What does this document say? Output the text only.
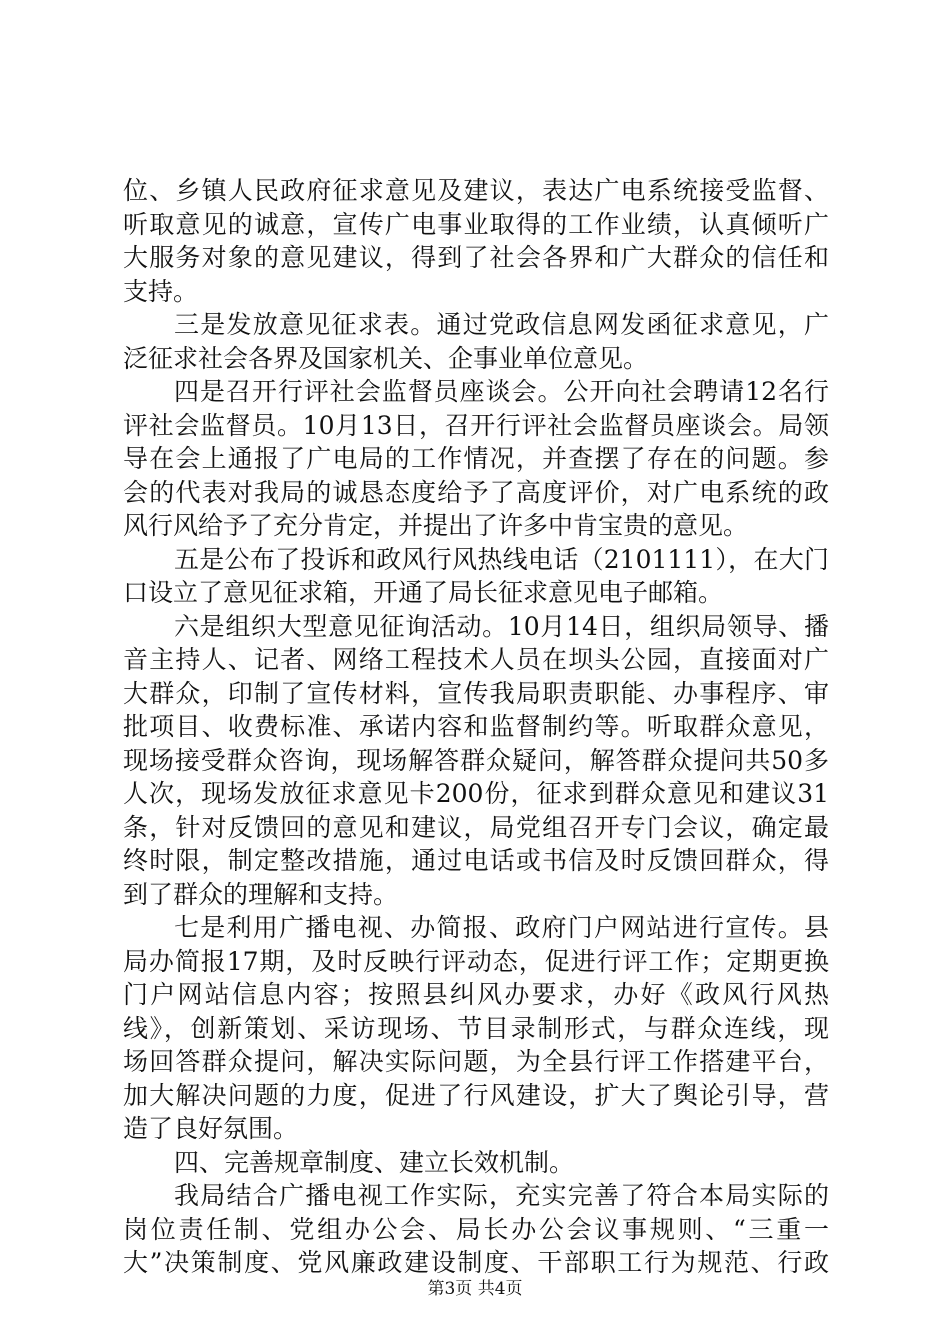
位、乡镇人民政府征求意见及建议，表达广电系统接受监督、
听取意见的诚意，宣传广电事业取得的工作业绩，认真倾听广
大服务对象的意见建议，得到了社会各界和广大群众的信任和
支持。
三是发放意见征求表。通过党政信息网发函征求意见，广
泛征求社会各界及国家机关、企事业单位意见。
四是召开行评社会监督员座谈会。公开向社会聘请12名行
评社会监督员。10月13日，召开行评社会监督员座谈会。局领
导在会上通报了广电局的工作情况，并查摆了存在的问题。参
会的代表对我局的诚恳态度给予了高度评价，对广电系统的政
风行风给予了充分肯定，并提出了许多中肯宝贵的意见。
五是公布了投诉和政风行风热线电话（2101111），在大门
口设立了意见征求箱，开通了局长征求意见电子邮箱。
六是组织大型意见征询活动。10月14日，组织局领导、播
音主持人、记者、网络工程技术人员在坝头公园，直接面对广
大群众，印制了宣传材料，宣传我局职责职能、办事程序、审
批项目、收费标准、承诺内容和监督制约等。听取群众意见，
现场接受群众咨询，现场解答群众疑问，解答群众提问共50多
人次，现场发放征求意见卡200份，征求到群众意见和建议31
条，针对反馈回的意见和建议，局党组召开专门会议，确定最
终时限，制定整改措施，通过电话或书信及时反馈回群众，得
到了群众的理解和支持。
七是利用广播电视、办简报、政府门户网站进行宣传。县
局办简报17期，及时反映行评动态，促进行评工作；定期更换
门户网站信息内容；按照县纠风办要求，办好《政风行风热
线》，创新策划、采访现场、节目录制形式，与群众连线，现
场回答群众提问，解决实际问题，为全县行评工作搭建平台，
加大解决问题的力度，促进了行风建设，扩大了舆论引导，营
造了良好氛围。
四、完善规章制度、建立长效机制。
我局结合广播电视工作实际，充实完善了符合本局实际的
岗位责任制、党组办公会、局长办公会议事规则、“三重一
大”决策制度、党风廉政建设制度、干部职工行为规范、行政
第3页 共4页
